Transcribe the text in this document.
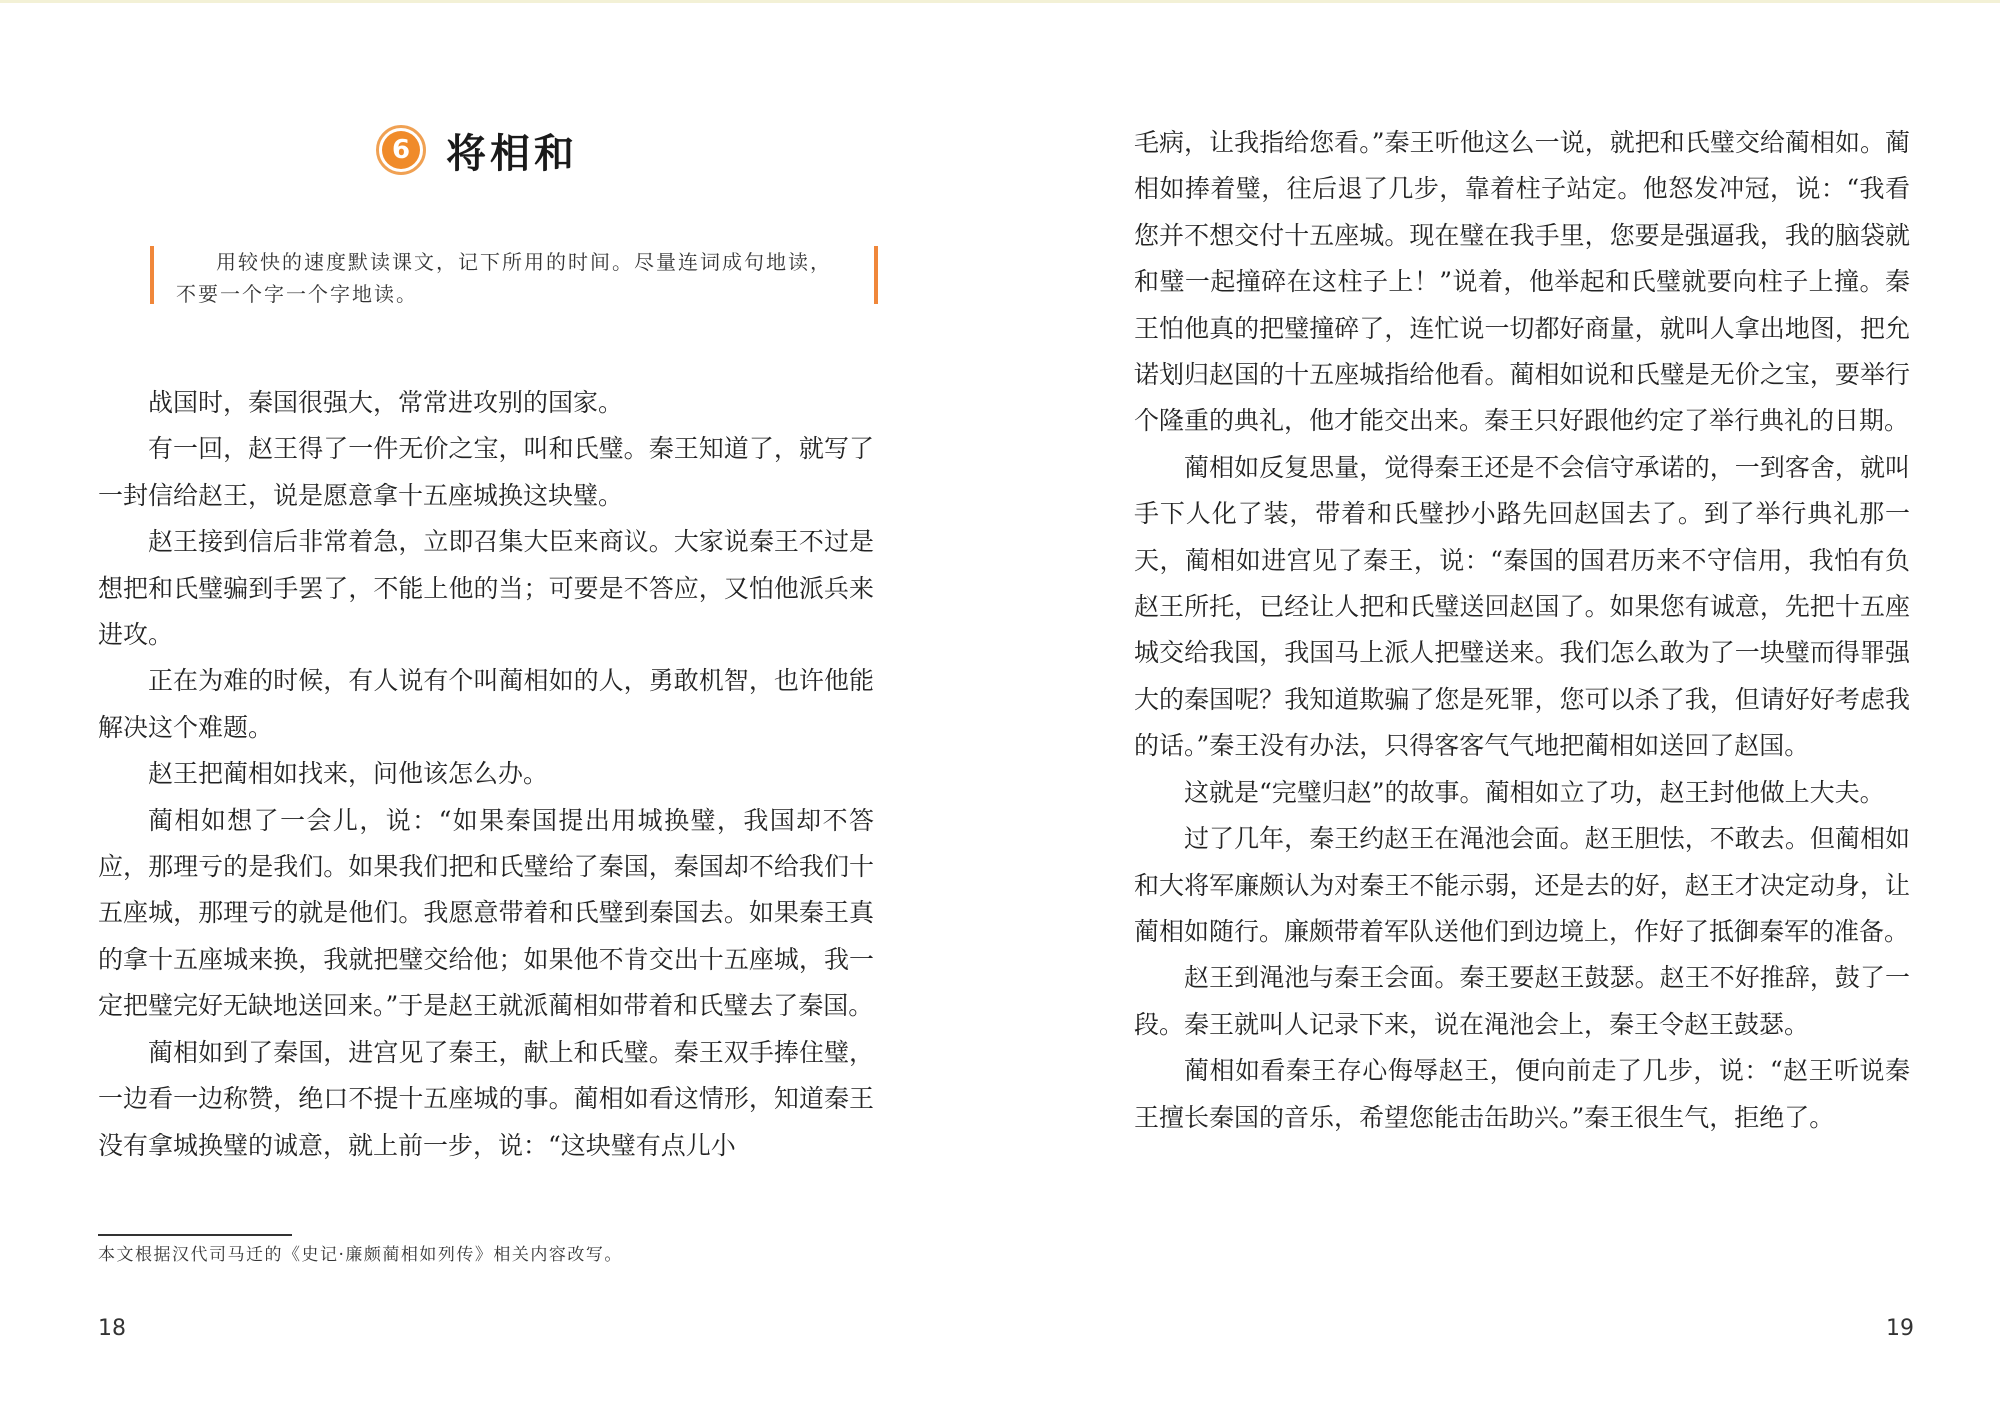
6 将相和
用较快的速度默读课文，记下所用的时间。尽量连词成句地读，不要一个字一个字地读。

战国时，秦国很强大，常常进攻别的国家。

有一回，赵王得了一件无价之宝，叫和氏璧。秦王知道了，就写了一封信给赵王，说是愿意拿十五座城换这块璧。

赵王接到信后非常着急，立即召集大臣来商议。大家说秦王不过是想把和氏璧骗到手罢了，不能上他的当；可要是不答应，又怕他派兵来进攻。

正在为难的时候，有人说有个叫蔺相如的人，勇敢机智，也许他能解决这个难题。

赵王把蔺相如找来，问他该怎么办。

蔺相如想了一会儿，说：“如果秦国提出用城换璧，我国却不答应，那理亏的是我们。如果我们把和氏璧给了秦国，秦国却不给我们十五座城，那理亏的就是他们。我愿意带着和氏璧到秦国去。如果秦王真的拿十五座城来换，我就把璧交给他；如果他不肯交出十五座城，我一定把璧完好无缺地送回来。”于是赵王就派蔺相如带着和氏璧去了秦国。

蔺相如到了秦国，进宫见了秦王，献上和氏璧。秦王双手捧住璧，一边看一边称赞，绝口不提十五座城的事。蔺相如看这情形，知道秦王没有拿城换璧的诚意，就上前一步，说：“这块璧有点儿小

本文根据汉代司马迁的《史记·廉颇蔺相如列传》相关内容改写。
18

毛病，让我指给您看。”秦王听他这么一说，就把和氏璧交给蔺相如。蔺相如捧着璧，往后退了几步，靠着柱子站定。他怒发冲冠，说：“我看您并不想交付十五座城。现在璧在我手里，您要是强逼我，我的脑袋就和璧一起撞碎在这柱子上！”说着，他举起和氏璧就要向柱子上撞。秦王怕他真的把璧撞碎了，连忙说一切都好商量，就叫人拿出地图，把允诺划归赵国的十五座城指给他看。蔺相如说和氏璧是无价之宝，要举行个隆重的典礼，他才能交出来。秦王只好跟他约定了举行典礼的日期。

蔺相如反复思量，觉得秦王还是不会信守承诺的，一到客舍，就叫手下人化了装，带着和氏璧抄小路先回赵国去了。到了举行典礼那一天，蔺相如进宫见了秦王，说：“秦国的国君历来不守信用，我怕有负赵王所托，已经让人把和氏璧送回赵国了。如果您有诚意，先把十五座城交给我国，我国马上派人把璧送来。我们怎么敢为了一块璧而得罪强大的秦国呢？我知道欺骗了您是死罪，您可以杀了我，但请好好考虑我的话。”秦王没有办法，只得客客气气地把蔺相如送回了赵国。

这就是“完璧归赵”的故事。蔺相如立了功，赵王封他做上大夫。

过了几年，秦王约赵王在渑池会面。赵王胆怯，不敢去。但蔺相如和大将军廉颇认为对秦王不能示弱，还是去的好，赵王才决定动身，让蔺相如随行。廉颇带着军队送他们到边境上，作好了抵御秦军的准备。

赵王到渑池与秦王会面。秦王要赵王鼓瑟。赵王不好推辞，鼓了一段。秦王就叫人记录下来，说在渑池会上，秦王令赵王鼓瑟。

蔺相如看秦王存心侮辱赵王，便向前走了几步，说：“赵王听说秦王擅长秦国的音乐，希望您能击缶助兴。”秦王很生气，拒绝了。

19
